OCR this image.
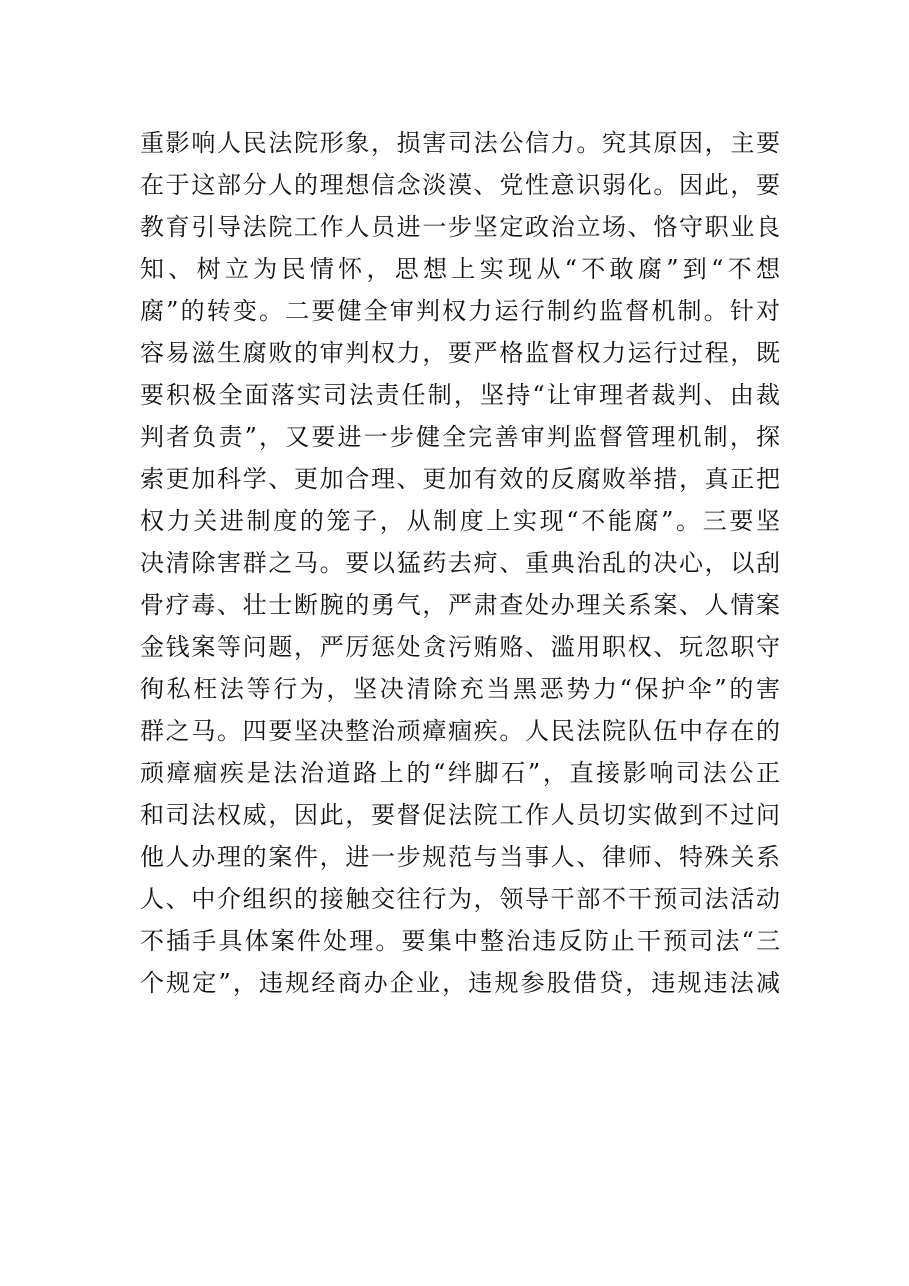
重影响人民法院形象，损害司法公信力。究其原因，主要
在于这部分人的理想信念淡漠、党性意识弱化。因此，要
教育引导法院工作人员进一步坚定政治立场、恪守职业良
知、树立为民情怀，思想上实现从“不敢腐”到“不想
腐”的转变。二要健全审判权力运行制约监督机制。针对
容易滋生腐败的审判权力，要严格监督权力运行过程，既
要积极全面落实司法责任制，坚持“让审理者裁判、由裁
判者负责”，又要进一步健全完善审判监督管理机制，探
索更加科学、更加合理、更加有效的反腐败举措，真正把
权力关进制度的笼子，从制度上实现“不能腐”。三要坚
决清除害群之马。要以猛药去疴、重典治乱的决心，以刮
骨疗毒、壮士断腕的勇气，严肃查处办理关系案、人情案
金钱案等问题，严厉惩处贪污贿赂、滥用职权、玩忽职守
徇私枉法等行为，坚决清除充当黑恶势力“保护伞”的害
群之马。四要坚决整治顽瘴痼疾。人民法院队伍中存在的
顽瘴痼疾是法治道路上的“绊脚石”，直接影响司法公正
和司法权威，因此，要督促法院工作人员切实做到不过问
他人办理的案件，进一步规范与当事人、律师、特殊关系
人、中介组织的接触交往行为，领导干部不干预司法活动
不插手具体案件处理。要集中整治违反防止干预司法“三
个规定”，违规经商办企业，违规参股借贷，违规违法减
